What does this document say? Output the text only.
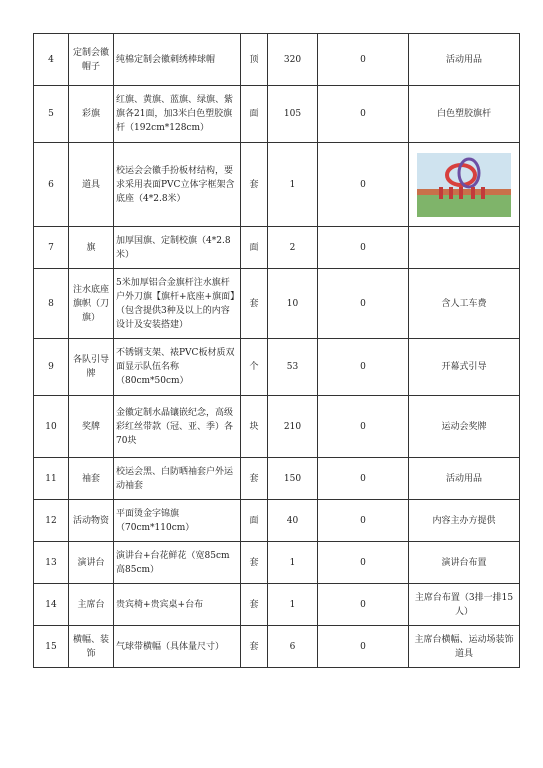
4	定制会徽帽子	纯棉定制会徽刺绣棒球帽	顶	320	0	活动用品
5	彩旗	红旗、黄旗、蓝旗、绿旗、紫旗各21面，加3米白色塑胶旗杆（192cm*128cm）	面	105	0	白色塑胶旗杆
6	道具	校运会会徽手扮板材结构，要求采用表面PVC立体字框架含底座（4*2.8米）	套	1	0	

7	旗	加厚国旗、定制校旗（4*2.8米）	面	2	0	
8	注水底座旗帜（刀旗）	5米加厚铝合金旗杆注水旗杆户外刀旗【旗杆+底座+旗面】（包含提供3种及以上的内容设计及安装搭建）	套	10	0	含人工车费
9	各队引导牌	不锈钢支架、裱PVC板材质双面显示队伍名称（80cm*50cm）	个	53	0	开幕式引导
10	奖牌	金徽定制水晶镶嵌纪念，高级彩红丝带款（冠、亚、季）各70块	块	210	0	运动会奖牌
11	袖套	校运会黑、白防晒袖套户外运动袖套	套	150	0	活动用品
12	活动物资	平面烫金字锦旗（70cm*110cm）	面	40	0	内容主办方提供
13	演讲台	演讲台+台花鲜花（宽85cm 高85cm）	套	1	0	演讲台布置
14	主席台	贵宾椅+贵宾桌+台布	套	1	0	主席台布置（3排一排15人）
15	横幅、装饰	气球带横幅（具体量尺寸）	套	6	0	主席台横幅、运动场装饰道具
